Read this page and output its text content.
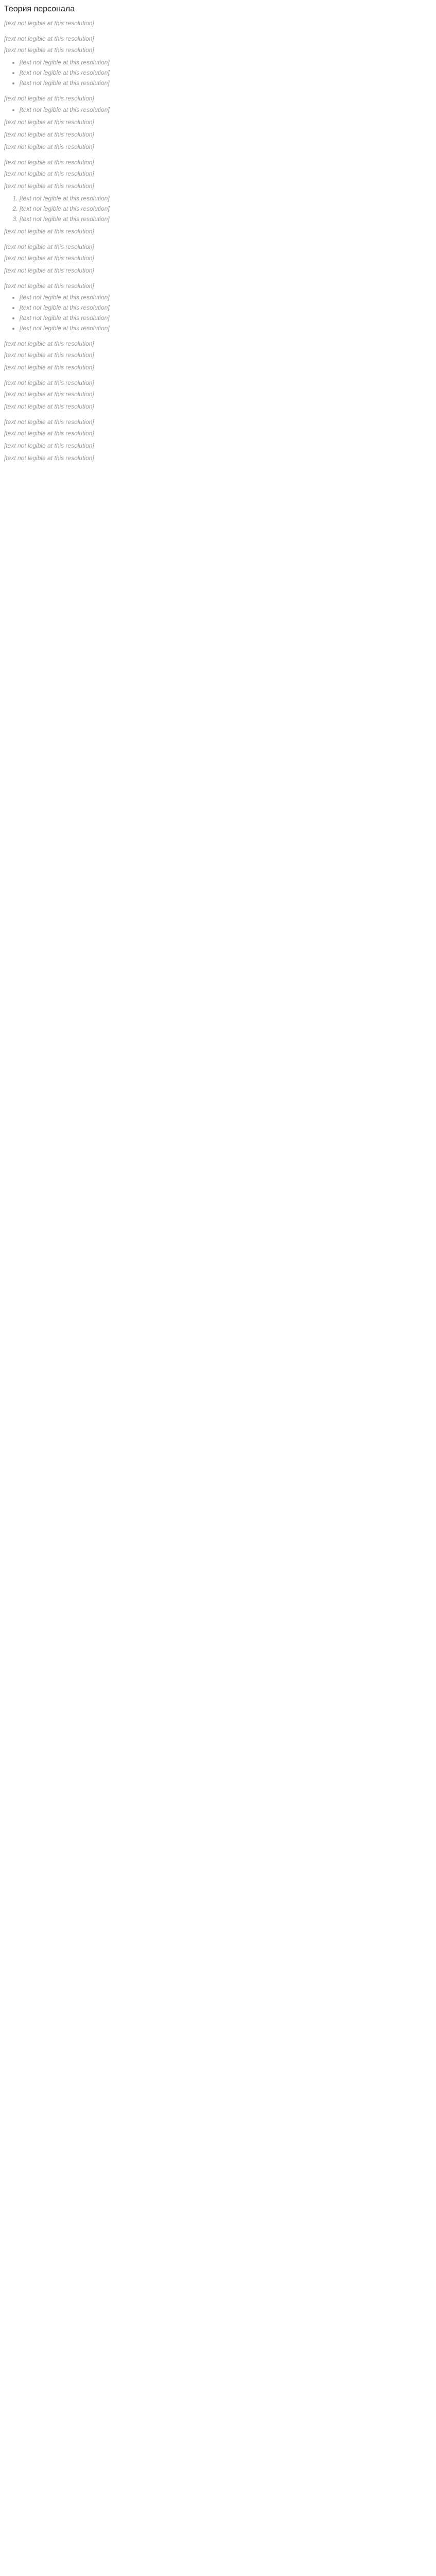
Теория персонала

[text not legible at this resolution]

[text not legible at this resolution]

[text not legible at this resolution]

• [text not legible at this resolution]
• [text not legible at this resolution]
• [text not legible at this resolution]
[text not legible at this resolution]
• [text not legible at this resolution]

[text not legible at this resolution]

[text not legible at this resolution]

[text not legible at this resolution]

[text not legible at this resolution]

[text not legible at this resolution]

[text not legible at this resolution]

1. [text not legible at this resolution]
2. [text not legible at this resolution]
3. [text not legible at this resolution]

[text not legible at this resolution]

[text not legible at this resolution]

[text not legible at this resolution]

[text not legible at this resolution]

[text not legible at this resolution]
• [text not legible at this resolution]
• [text not legible at this resolution]
• [text not legible at this resolution]
• [text not legible at this resolution]
[text not legible at this resolution]

[text not legible at this resolution]

[text not legible at this resolution]

[text not legible at this resolution]

[text not legible at this resolution]

[text not legible at this resolution]

[text not legible at this resolution]

[text not legible at this resolution]

[text not legible at this resolution]

[text not legible at this resolution]
